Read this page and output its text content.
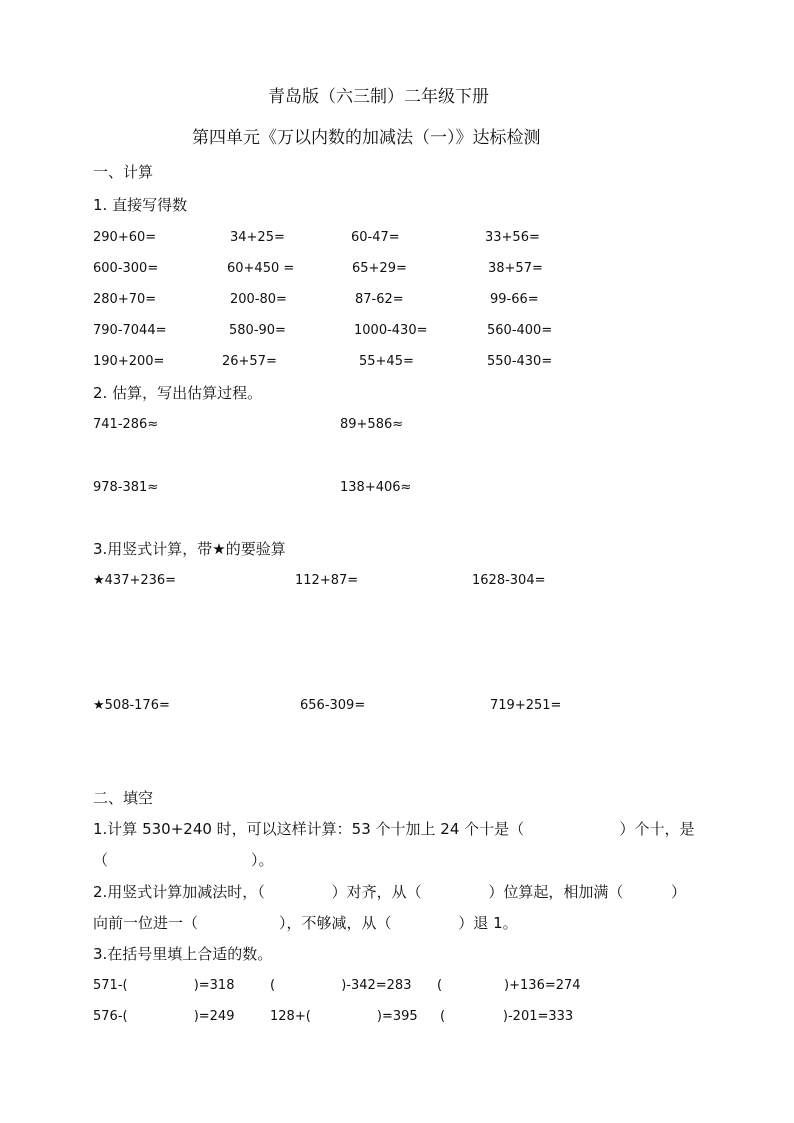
青岛版（六三制）二年级下册
第四单元《万以内数的加减法（一）》达标检测
一、计算
1. 直接写得数
290+60=	34+25=	60-47=	33+56=
600-300=	60+450 =	65+29=	38+57=
280+70=	200-80=	87-62=	99-66=
790-7044=	580-90=	1000-430=	560-400=
190+200=	26+57=	55+45=	550-430=
2. 估算，写出估算过程。
741-286≈	89+586≈
978-381≈	138+406≈
3.用竖式计算，带★的要验算
★437+236=	112+87=	1628-304=
★508-176=	656-309=	719+251=
二、填空
1.计算 530+240 时，可以这样计算：53 个十加上 24 个十是（                    ）个十，是
（                              ）。
2.用竖式计算加减法时，（              ）对齐，从（              ）位算起，相加满（          ）
向前一位进一（                 ），不够减，从（              ）退 1。
3.在括号里填上合适的数。
571-(                )=318	(                )-342=283 (               )+136=274
576-(                )=249	128+(                )=395 (              )-201=333
